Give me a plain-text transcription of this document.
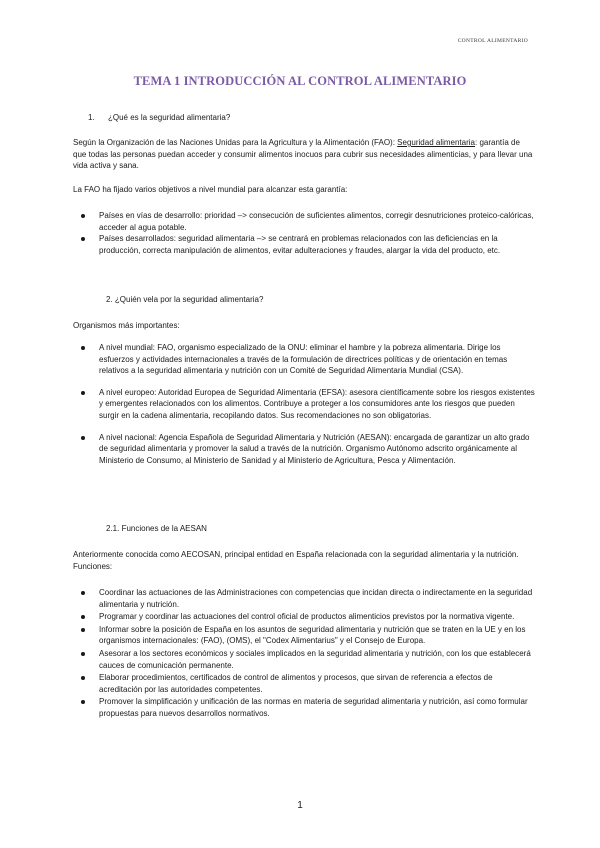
CONTROL ALIMENTARIO
TEMA 1 INTRODUCCIÓN AL CONTROL ALIMENTARIO
1. ¿Qué es la seguridad alimentaria?

Según la Organización de las Naciones Unidas para la Agricultura y la Alimentación (FAO): Seguridad alimentaria: garantía de que todas las personas puedan acceder y consumir alimentos inocuos para cubrir sus necesidades alimenticias, y para llevar una vida activa y sana.

La FAO ha fijado varios objetivos a nivel mundial para alcanzar esta garantía:

Países en vías de desarrollo: prioridad –> consecución de suficientes alimentos, corregir desnutriciones proteico-calóricas, acceder al agua potable.
Países desarrollados: seguridad alimentaria –> se centrará en problemas relacionados con las deficiencias en la producción, correcta manipulación de alimentos, evitar adulteraciones y fraudes, alargar la vida del producto, etc.

2. ¿Quién vela por la seguridad alimentaria?

Organismos más importantes:

A nivel mundial: FAO, organismo especializado de la ONU: eliminar el hambre y la pobreza alimentaria. Dirige los esfuerzos y actividades internacionales a través de la formulación de directrices políticas y de orientación en temas relativos a la seguridad alimentaria y nutrición con un Comité de Seguridad Alimentaria Mundial (CSA).
A nivel europeo: Autoridad Europea de Seguridad Alimentaria (EFSA): asesora científicamente sobre los riesgos existentes y emergentes relacionados con los alimentos. Contribuye a proteger a los consumidores ante los riesgos que pueden surgir en la cadena alimentaria, recopilando datos. Sus recomendaciones no son obligatorias.
A nivel nacional: Agencia Española de Seguridad Alimentaria y Nutrición (AESAN): encargada de garantizar un alto grado de seguridad alimentaria y promover la salud a través de la nutrición. Organismo Autónomo adscrito orgánicamente al Ministerio de Consumo, al Ministerio de Sanidad y al Ministerio de Agricultura, Pesca y Alimentación.

2.1. Funciones de la AESAN

Anteriormente conocida como AECOSAN, principal entidad en España relacionada con la seguridad alimentaria y la nutrición. Funciones:

Coordinar las actuaciones de las Administraciones con competencias que incidan directa o indirectamente en la seguridad alimentaria y nutrición.
Programar y coordinar las actuaciones del control oficial de productos alimenticios previstos por la normativa vigente.
Informar sobre la posición de España en los asuntos de seguridad alimentaria y nutrición que se traten en la UE y en los organismos internacionales: (FAO), (OMS), el "Codex Alimentarius" y el Consejo de Europa.
Asesorar a los sectores económicos y sociales implicados en la seguridad alimentaria y nutrición, con los que establecerá cauces de comunicación permanente.
Elaborar procedimientos, certificados de control de alimentos y procesos, que sirvan de referencia a efectos de acreditación por las autoridades competentes.
Promover la simplificación y unificación de las normas en materia de seguridad alimentaria y nutrición, así como formular propuestas para nuevos desarrollos normativos.
1
